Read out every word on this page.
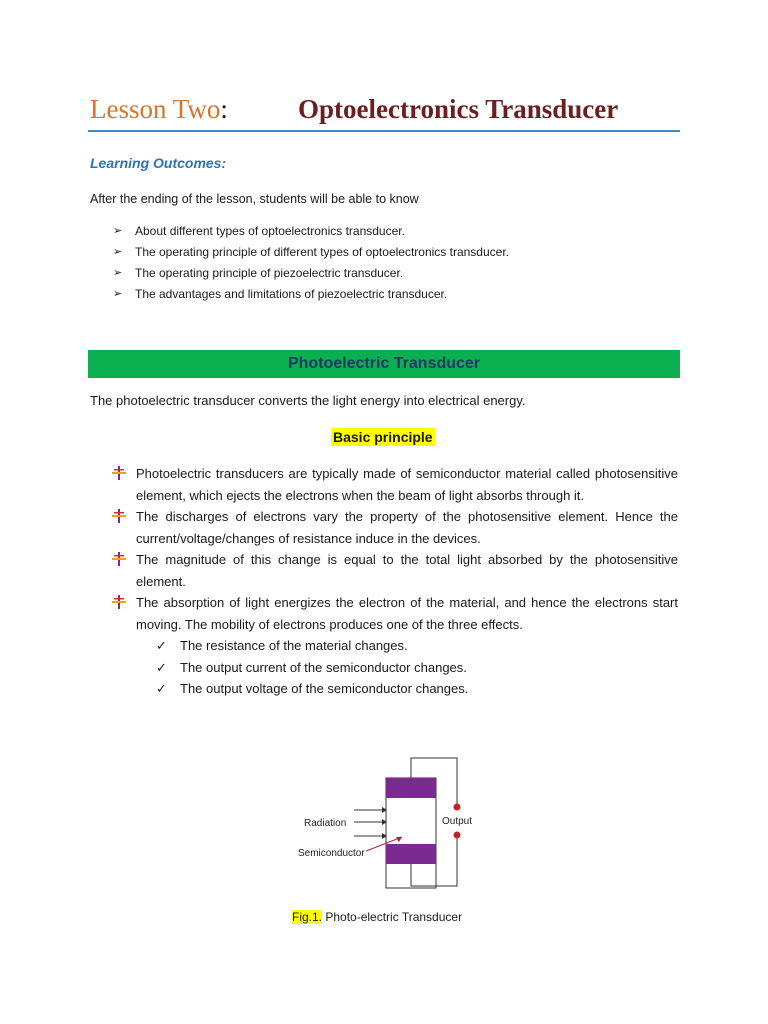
Lesson Two:	Optoelectronics Transducer
Learning Outcomes:
After the ending of the lesson, students will be able to know
➢ About different types of optoelectronics transducer.
➢ The operating principle of different types of optoelectronics transducer.
➢ The operating principle of piezoelectric transducer.
➢ The advantages and limitations of piezoelectric transducer.
Photoelectric Transducer
The photoelectric transducer converts the light energy into electrical energy.
Basic principle
Photoelectric transducers are typically made of semiconductor material called photosensitive element, which ejects the electrons when the beam of light absorbs through it.
The discharges of electrons vary the property of the photosensitive element. Hence the current/voltage/changes of resistance induce in the devices.
The magnitude of this change is equal to the total light absorbed by the photosensitive element.
The absorption of light energizes the electron of the material, and hence the electrons start moving. The mobility of electrons produces one of the three effects.
✓ The resistance of the material changes.
✓ The output current of the semiconductor changes.
✓ The output voltage of the semiconductor changes.
Output
Radiation
Semiconductor
Fig.1. Photo-electric Transducer
